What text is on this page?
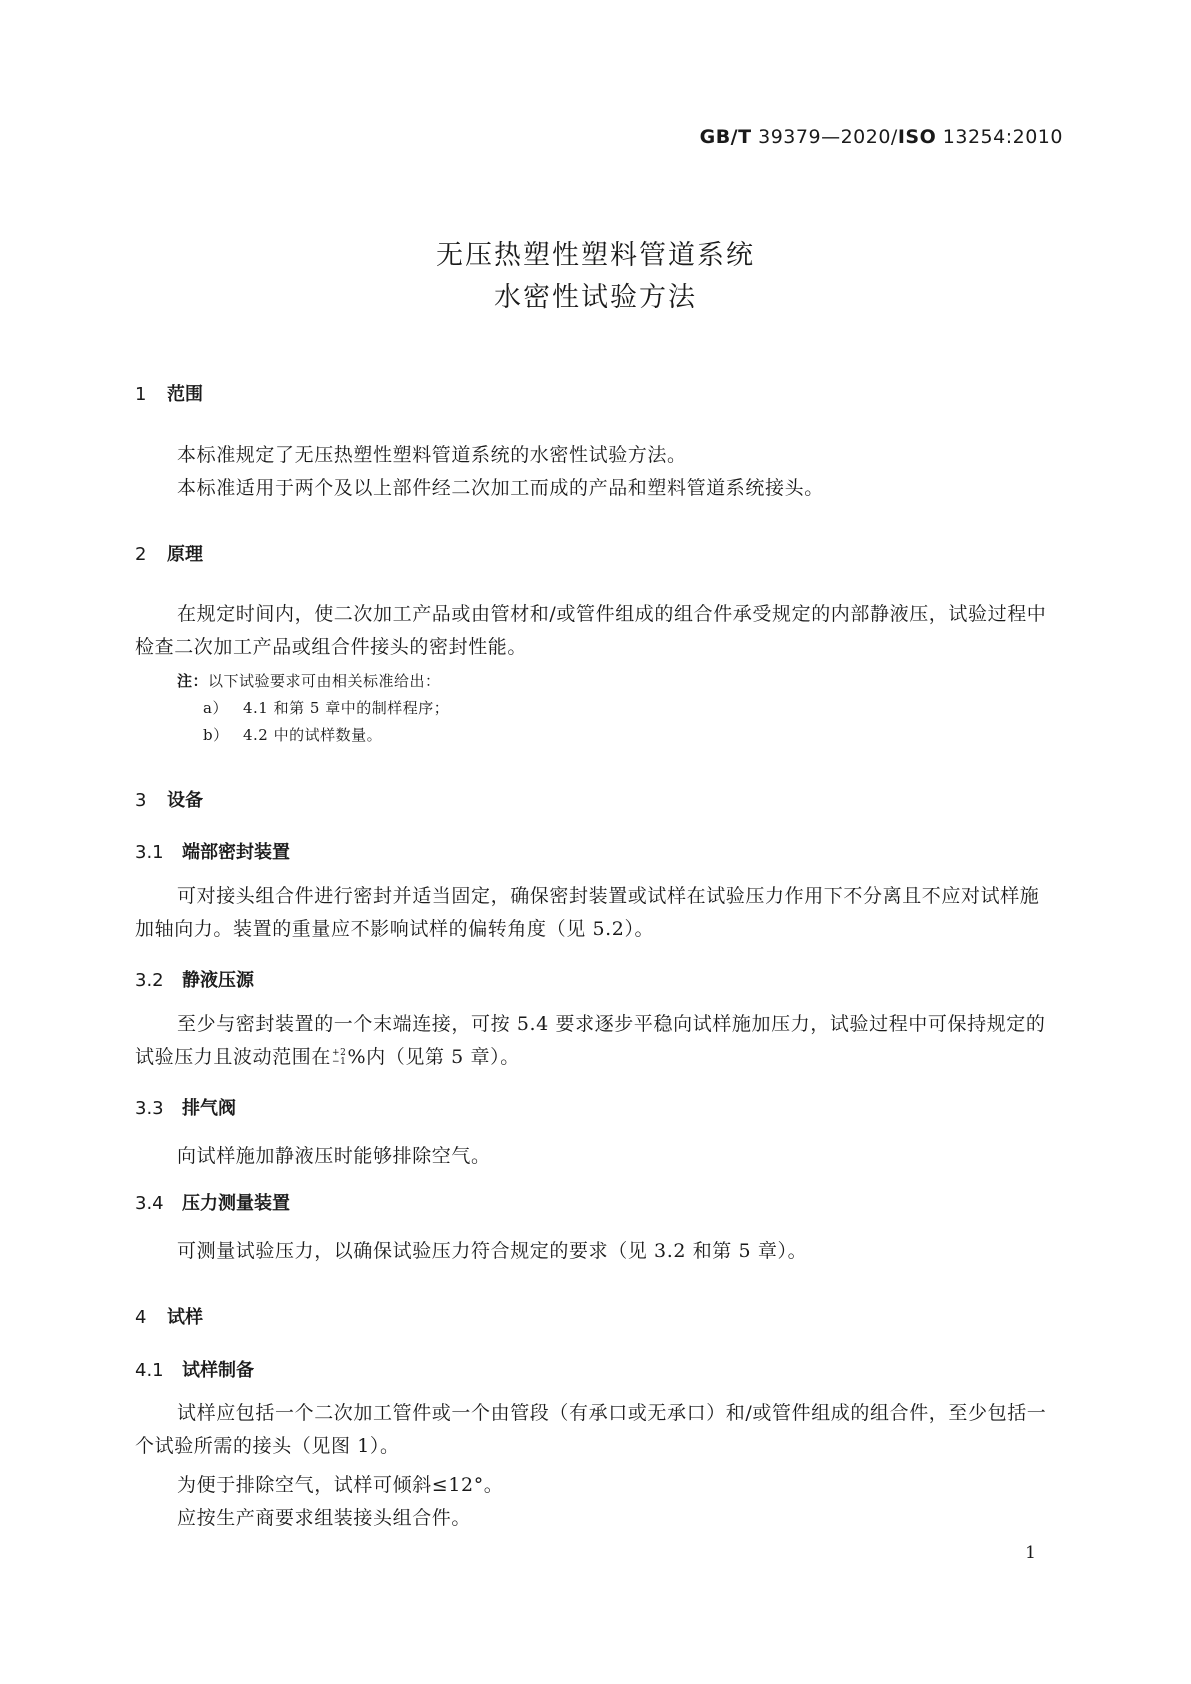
GB/T 39379—2020/ISO 13254:2010
无压热塑性塑料管道系统
水密性试验方法
1 范围
本标准规定了无压热塑性塑料管道系统的水密性试验方法。
本标准适用于两个及以上部件经二次加工而成的产品和塑料管道系统接头。
2 原理
在规定时间内，使二次加工产品或由管材和/或管件组成的组合件承受规定的内部静液压，试验过程中检查二次加工产品或组合件接头的密封性能。
注：以下试验要求可由相关标准给出：
a） 4.1 和第 5 章中的制样程序；
b） 4.2 中的试样数量。
3 设备
3.1 端部密封装置
可对接头组合件进行密封并适当固定，确保密封装置或试样在试验压力作用下不分离且不应对试样施加轴向力。装置的重量应不影响试样的偏转角度（见 5.2）。
3.2 静液压源
至少与密封装置的一个末端连接，可按 5.4 要求逐步平稳向试样施加压力，试验过程中可保持规定的试验压力且波动范围在 +2
−1 %内（见第 5 章）。
3.3 排气阀
向试样施加静液压时能够排除空气。
3.4 压力测量装置
可测量试验压力，以确保试验压力符合规定的要求（见 3.2 和第 5 章）。
4 试样
4.1 试样制备
试样应包括一个二次加工管件或一个由管段（有承口或无承口）和/或管件组成的组合件，至少包括一个试验所需的接头（见图 1）。
为便于排除空气，试样可倾斜≤12°。
应按生产商要求组装接头组合件。
1
